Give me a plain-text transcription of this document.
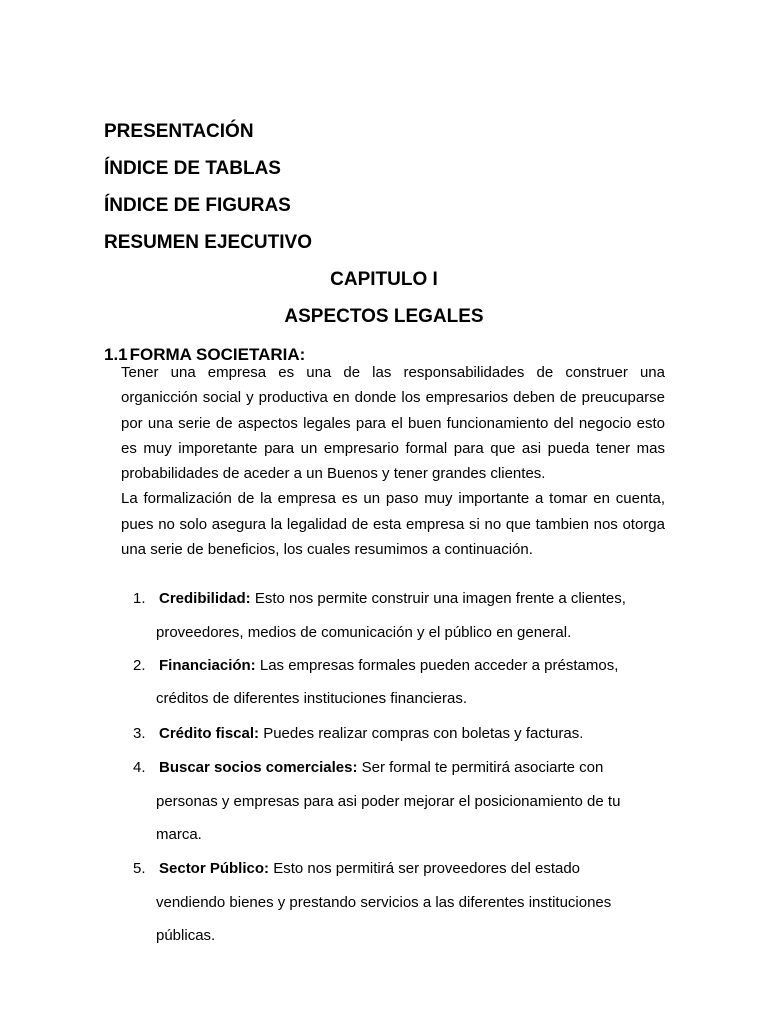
PRESENTACIÓN
ÍNDICE DE TABLAS
ÍNDICE DE FIGURAS
RESUMEN EJECUTIVO
CAPITULO I
ASPECTOS LEGALES
1.1 FORMA SOCIETARIA:

Tener una empresa es una de las responsabilidades de construer una organicción social y productiva en donde los empresarios deben de preucuparse por una serie de aspectos legales para el buen funcionamiento del negocio esto es muy imporetante para un empresario formal para que asi pueda tener mas probabilidades de aceder a un Buenos y tener grandes clientes.

La formalización de la empresa es un paso muy importante a tomar en cuenta, pues no solo asegura la legalidad de esta empresa si no que tambien nos otorga una serie de beneficios, los cuales resumimos a continuación.

1. Credibilidad: Esto nos permite construir una imagen frente a clientes,
proveedores, medios de comunicación y el público en general.
2. Financiación: Las empresas formales pueden acceder a préstamos,
créditos de diferentes instituciones financieras.
3. Crédito fiscal: Puedes realizar compras con boletas y facturas.
4. Buscar socios comerciales: Ser formal te permitirá asociarte con
personas y empresas para asi poder mejorar el posicionamiento de tu
marca.
5. Sector Público: Esto nos permitirá ser proveedores del estado
vendiendo bienes y prestando servicios a las diferentes instituciones
públicas.
